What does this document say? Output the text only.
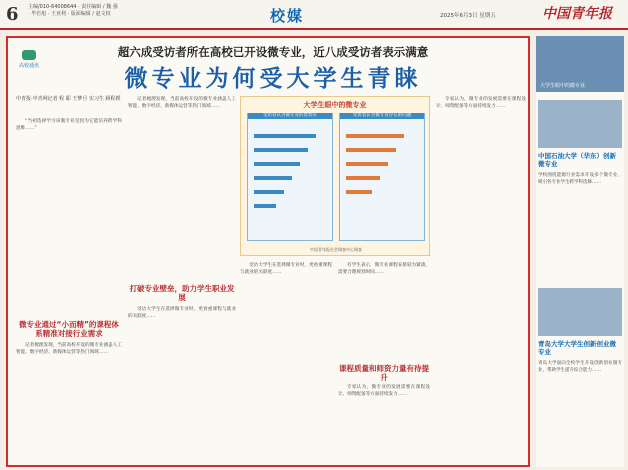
6 主编/010-64008644 · 责任编辑 / 魏 强 · 毕若旭 · 王亚利 · 版面编辑 / 赵文权	校媒	2025年6月3日 星期五	中国青年报
高校通讯
超六成受访者所在高校已开设微专业，近八成受访者表示满意
微专业为何受大学生青睐
中青报·中青网记者 程 耶 王梦旦 实习生 顾程媛

“当初选择学习该微专业是因为它能培养跨学科思维……”

微专业通过“小而精”的课程体系精准对接行业需求

记者梳理发现，当前高校开设的微专业涵盖人工智能、数字经济、新媒体运营等热门领域……

记者梳理发现，当前高校开设的微专业涵盖人工智能、数字经济、新媒体运营等热门领域……

打破专业壁垒，助力学生职业发展

受访大学生在选择微专业时，更看重课程与就业的关联度……

大学生眼中的微专业
受访者认为微专业的优势有	受访者认为微专业存在的问题
中国青年报社会调查中心调查

受访大学生在选择微专业时，更看重课程与就业的关联度……

有学生表示，微专业课程安排较为紧凑，需要合理规划时间……

课程质量和师资力量有待提升

专家认为，微专业的发展需要在课程设计、师资配备等方面持续发力……

专家认为，微专业的发展需要在课程设计、师资配备等方面持续发力……

大学生眼中的微专业
中国石油大学（华东）创新微专业
学校围绕能源行业需求开设多个微专业，吸引各专业学生跨学科选修……
青岛大学大学生创新创业微专业
青岛大学面向全校学生开设创新创业微专业，帮助学生提升综合能力……
